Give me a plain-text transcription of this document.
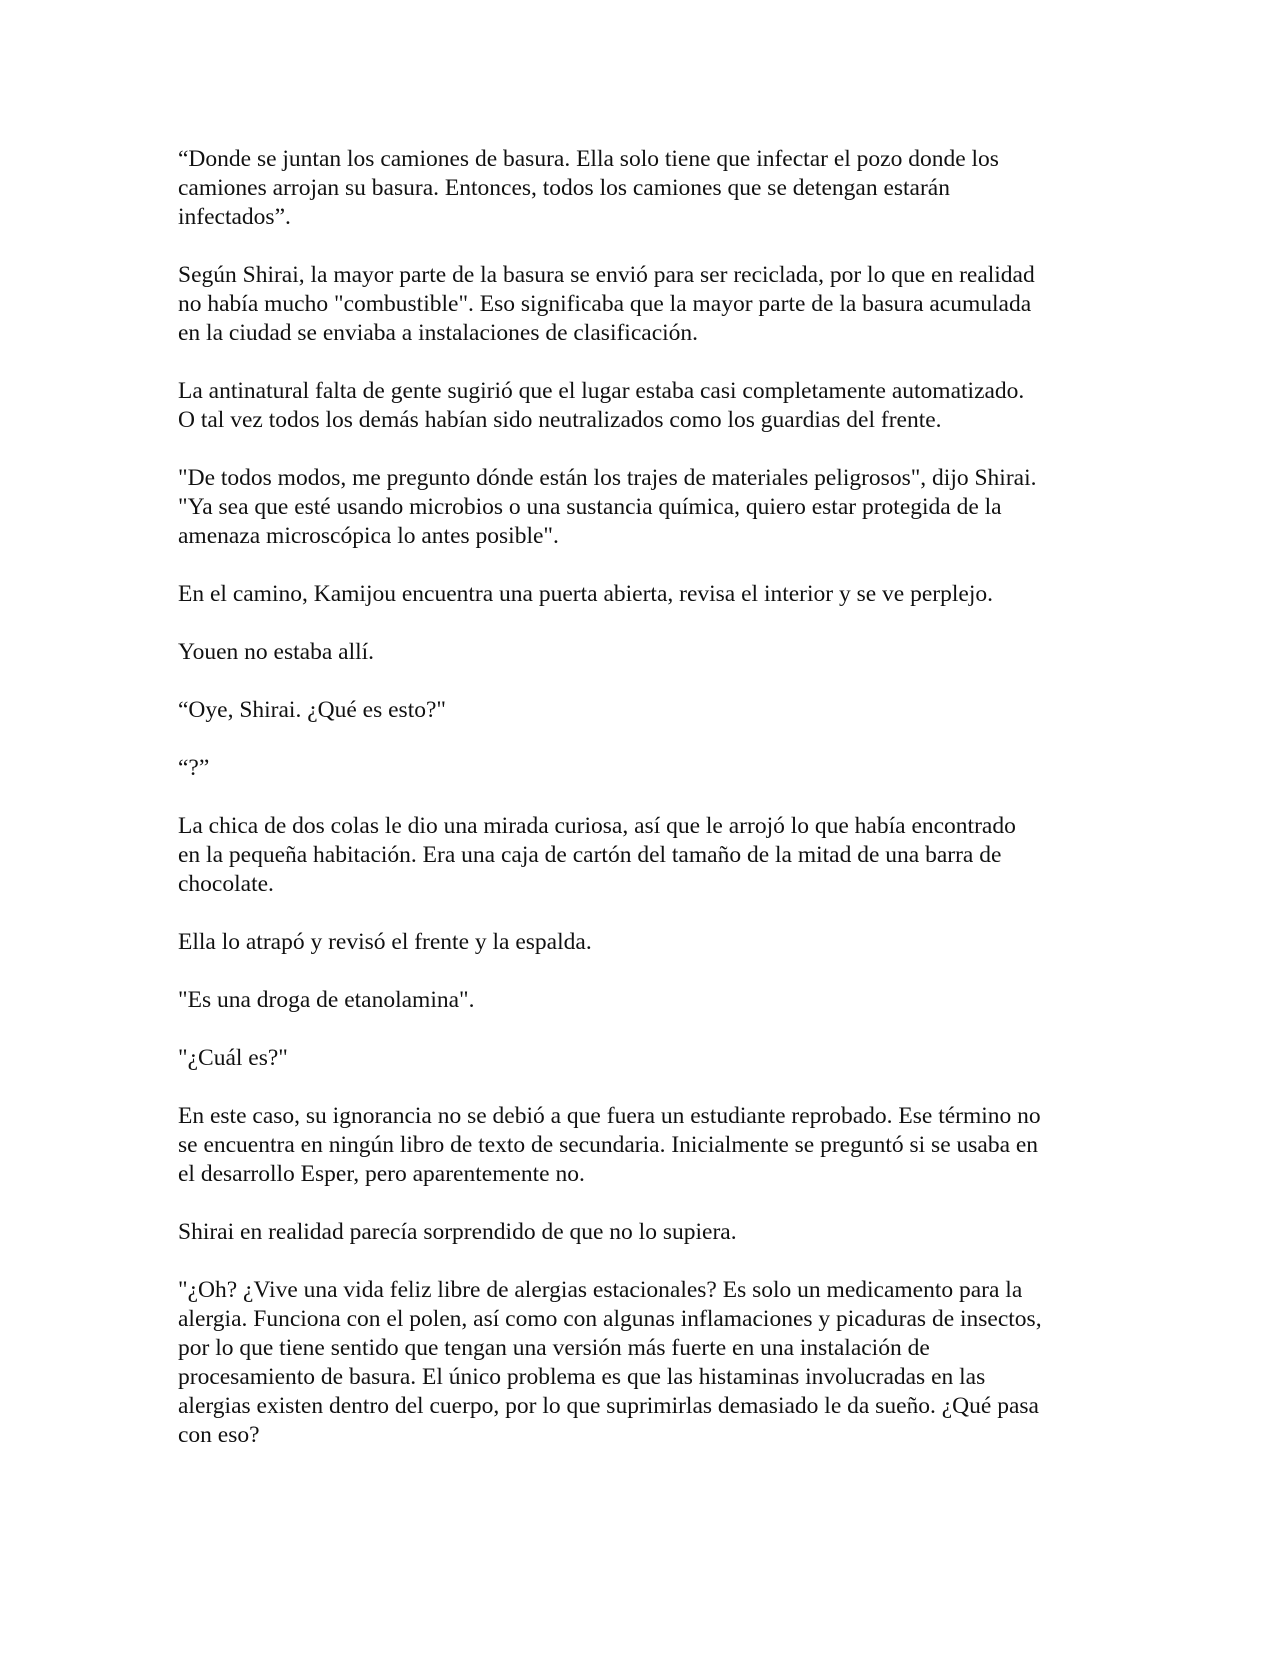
“Donde se juntan los camiones de basura. Ella solo tiene que infectar el pozo donde los
camiones arrojan su basura. Entonces, todos los camiones que se detengan estarán
infectados”.

Según Shirai, la mayor parte de la basura se envió para ser reciclada, por lo que en realidad
no había mucho "combustible". Eso significaba que la mayor parte de la basura acumulada
en la ciudad se enviaba a instalaciones de clasificación.

La antinatural falta de gente sugirió que el lugar estaba casi completamente automatizado.
O tal vez todos los demás habían sido neutralizados como los guardias del frente.

"De todos modos, me pregunto dónde están los trajes de materiales peligrosos", dijo Shirai.
"Ya sea que esté usando microbios o una sustancia química, quiero estar protegida de la
amenaza microscópica lo antes posible".

En el camino, Kamijou encuentra una puerta abierta, revisa el interior y se ve perplejo.

Youen no estaba allí.

“Oye, Shirai. ¿Qué es esto?"

“?”

La chica de dos colas le dio una mirada curiosa, así que le arrojó lo que había encontrado
en la pequeña habitación. Era una caja de cartón del tamaño de la mitad de una barra de
chocolate.

Ella lo atrapó y revisó el frente y la espalda.

"Es una droga de etanolamina".

"¿Cuál es?"

En este caso, su ignorancia no se debió a que fuera un estudiante reprobado. Ese término no
se encuentra en ningún libro de texto de secundaria. Inicialmente se preguntó si se usaba en
el desarrollo Esper, pero aparentemente no.

Shirai en realidad parecía sorprendido de que no lo supiera.

"¿Oh? ¿Vive una vida feliz libre de alergias estacionales? Es solo un medicamento para la
alergia. Funciona con el polen, así como con algunas inflamaciones y picaduras de insectos,
por lo que tiene sentido que tengan una versión más fuerte en una instalación de
procesamiento de basura. El único problema es que las histaminas involucradas en las
alergias existen dentro del cuerpo, por lo que suprimirlas demasiado le da sueño. ¿Qué pasa
con eso?
